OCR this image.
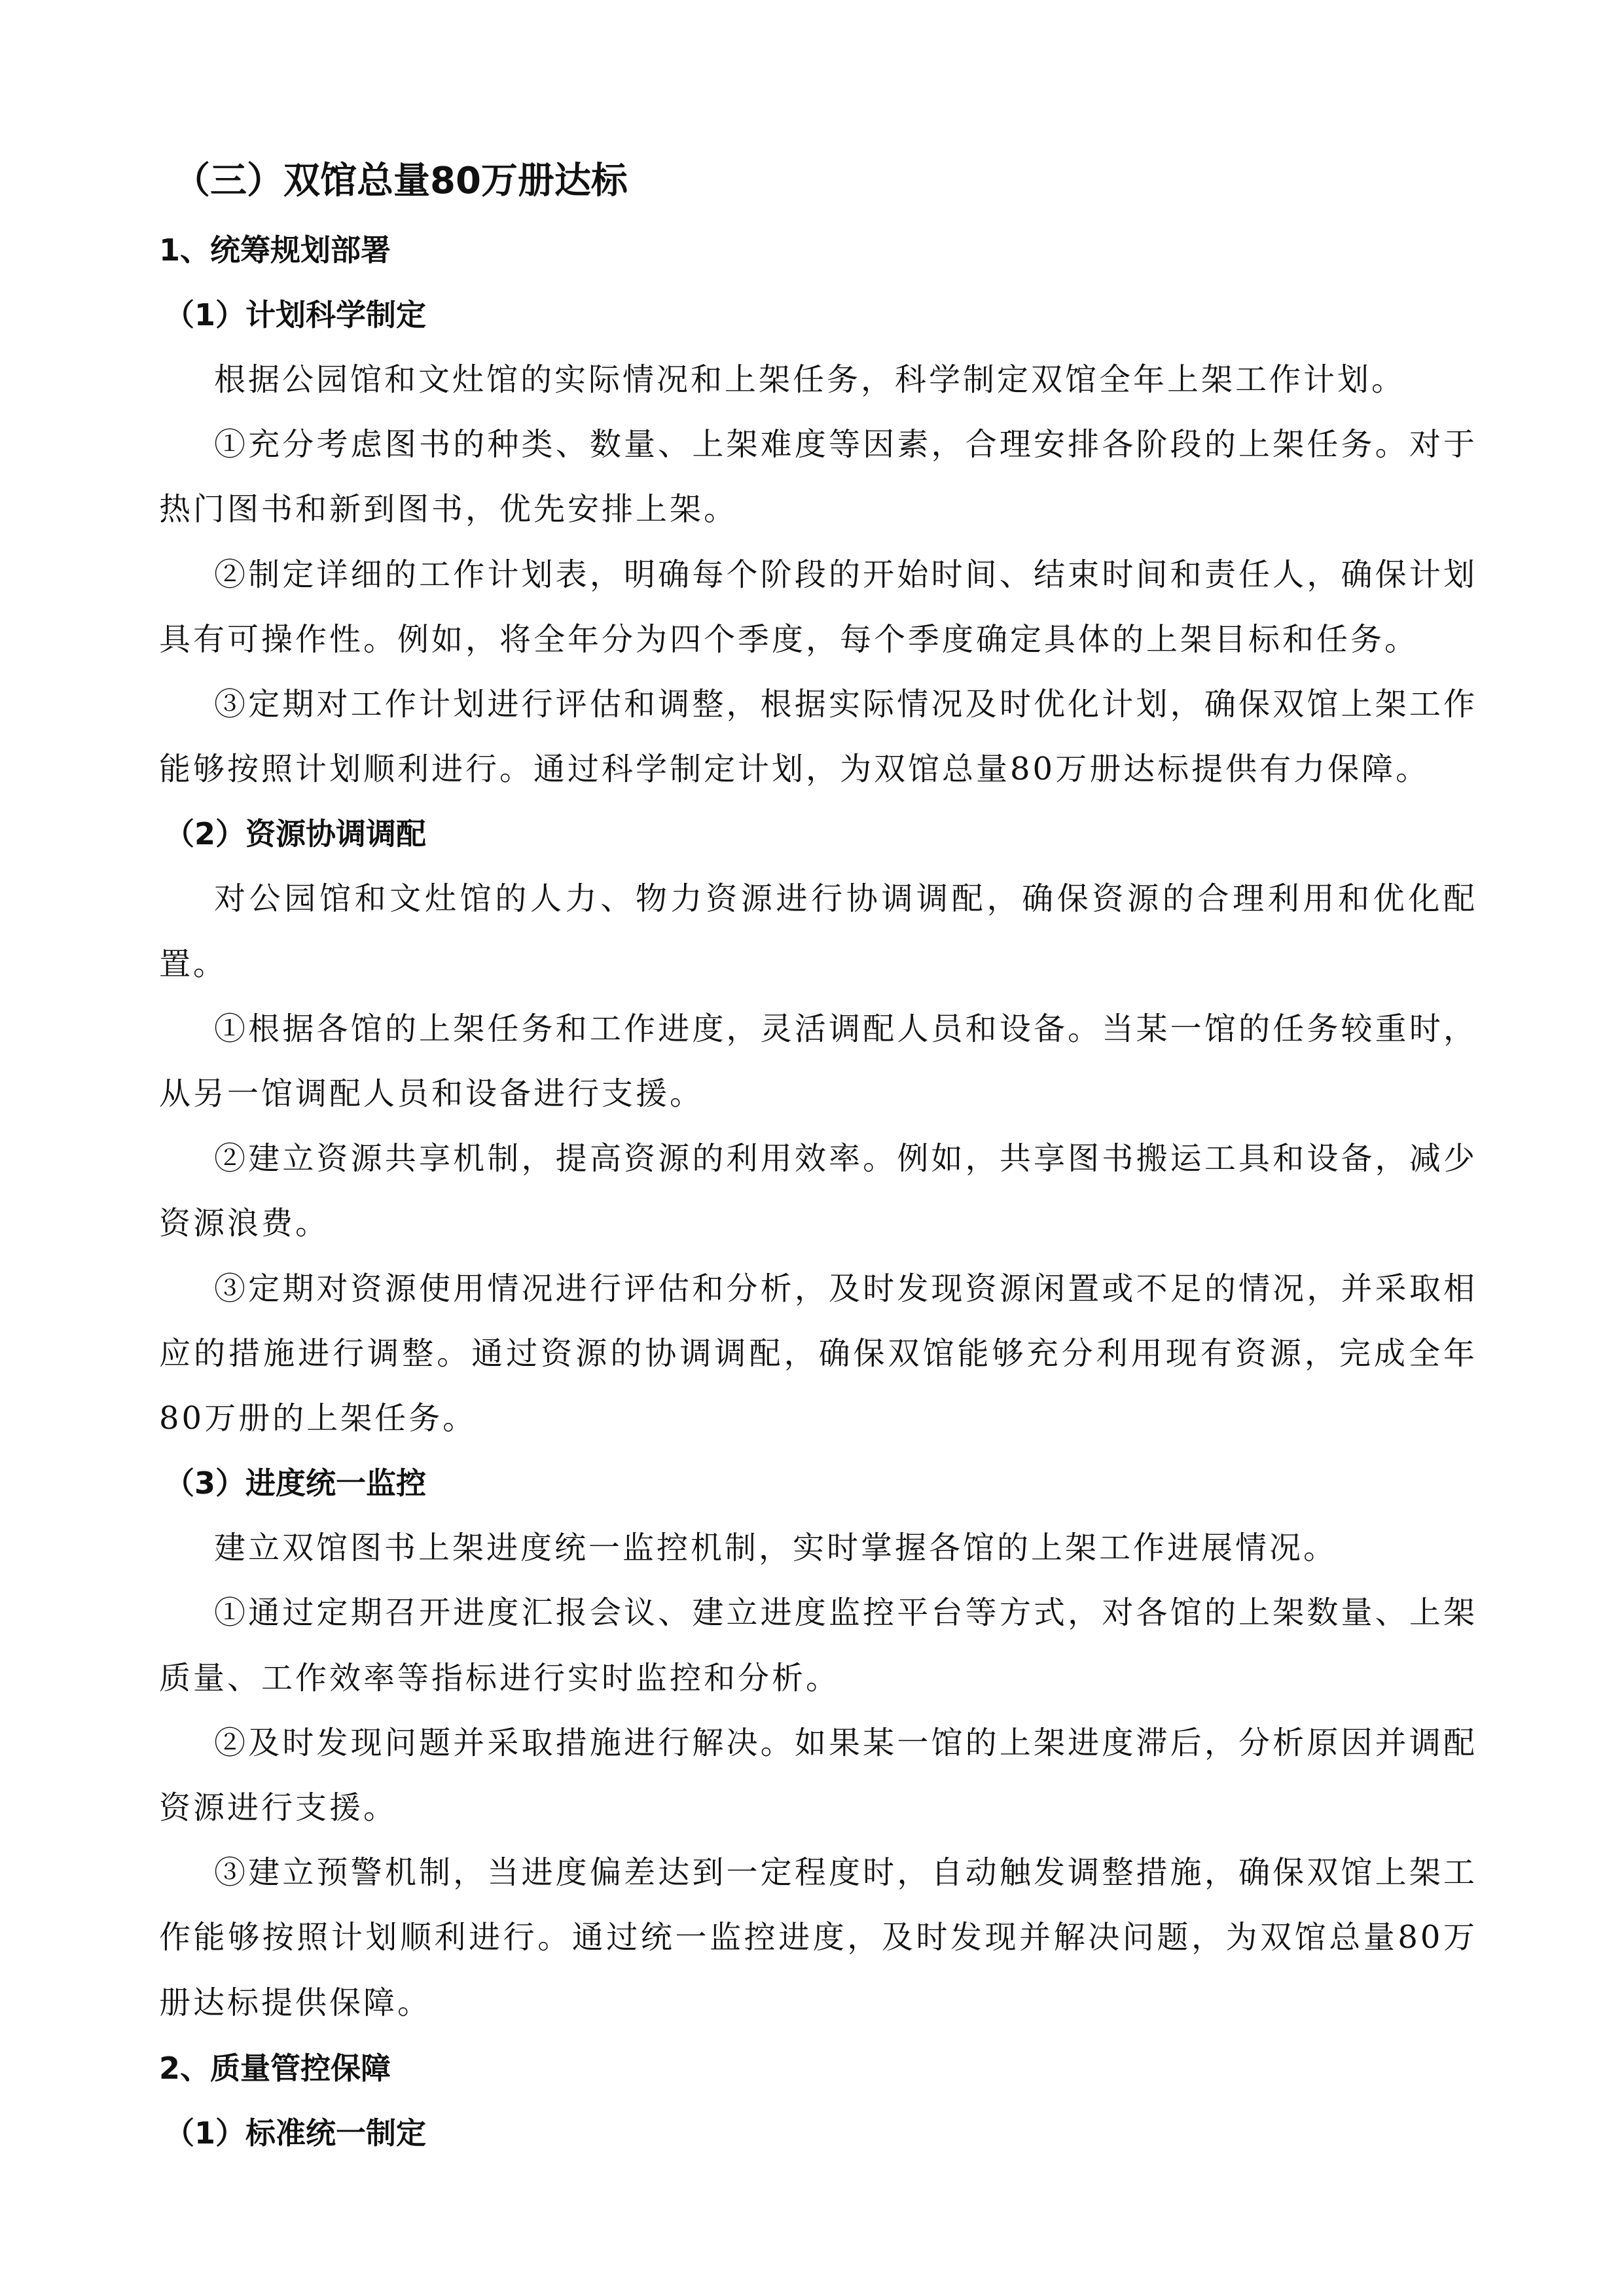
（三）双馆总量80万册达标
1、统筹规划部署
（1）计划科学制定

根据公园馆和文灶馆的实际情况和上架任务，科学制定双馆全年上架工作计划。

①充分考虑图书的种类、数量、上架难度等因素，合理安排各阶段的上架任务。对于热门图书和新到图书，优先安排上架。

②制定详细的工作计划表，明确每个阶段的开始时间、结束时间和责任人，确保计划具有可操作性。例如，将全年分为四个季度，每个季度确定具体的上架目标和任务。

③定期对工作计划进行评估和调整，根据实际情况及时优化计划，确保双馆上架工作能够按照计划顺利进行。通过科学制定计划，为双馆总量80万册达标提供有力保障。

（2）资源协调调配

对公园馆和文灶馆的人力、物力资源进行协调调配，确保资源的合理利用和优化配置。

①根据各馆的上架任务和工作进度，灵活调配人员和设备。当某一馆的任务较重时，从另一馆调配人员和设备进行支援。

②建立资源共享机制，提高资源的利用效率。例如，共享图书搬运工具和设备，减少资源浪费。

③定期对资源使用情况进行评估和分析，及时发现资源闲置或不足的情况，并采取相应的措施进行调整。通过资源的协调调配，确保双馆能够充分利用现有资源，完成全年80万册的上架任务。

（3）进度统一监控

建立双馆图书上架进度统一监控机制，实时掌握各馆的上架工作进展情况。

①通过定期召开进度汇报会议、建立进度监控平台等方式，对各馆的上架数量、上架质量、工作效率等指标进行实时监控和分析。

②及时发现问题并采取措施进行解决。如果某一馆的上架进度滞后，分析原因并调配资源进行支援。

③建立预警机制，当进度偏差达到一定程度时，自动触发调整措施，确保双馆上架工作能够按照计划顺利进行。通过统一监控进度，及时发现并解决问题，为双馆总量80万册达标提供保障。

2、质量管控保障
（1）标准统一制定
